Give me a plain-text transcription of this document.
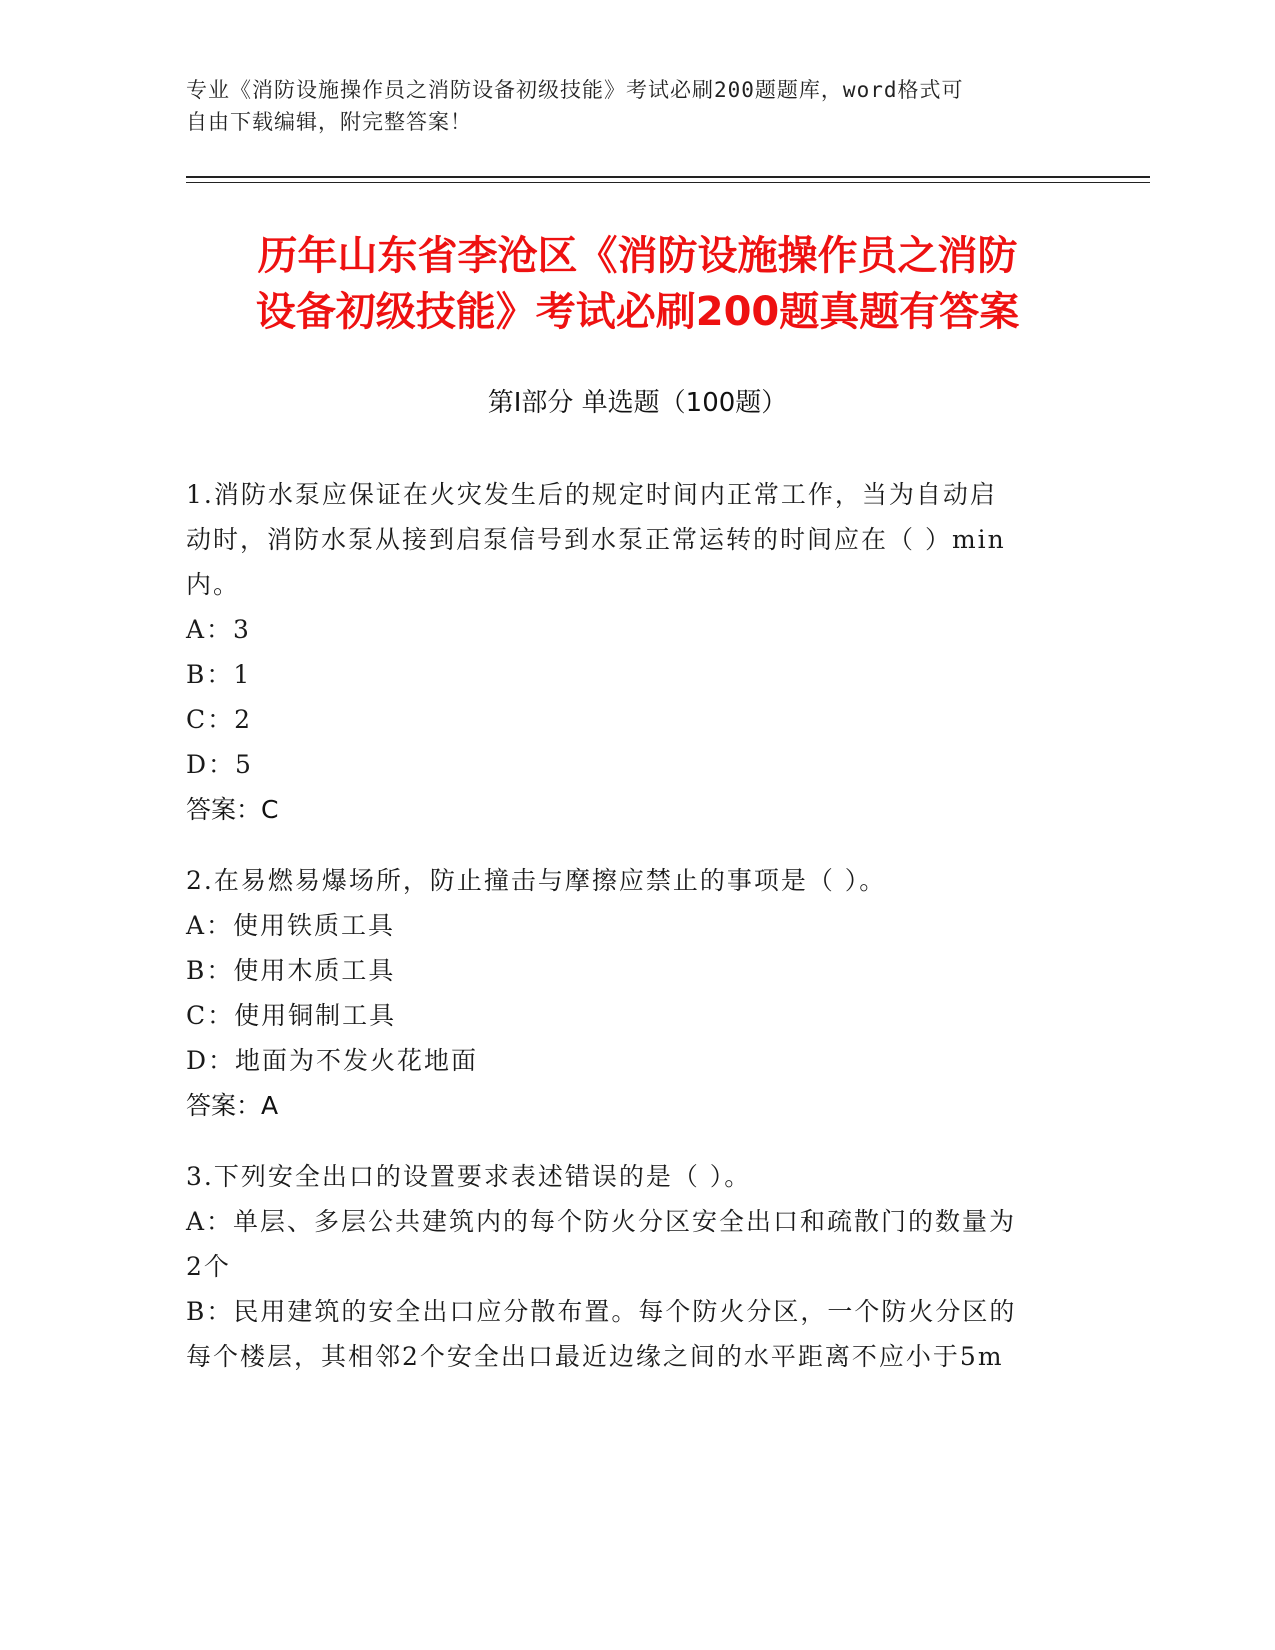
专业《消防设施操作员之消防设备初级技能》考试必刷200题题库，word格式可
自由下载编辑，附完整答案！
历年山东省李沧区《消防设施操作员之消防
设备初级技能》考试必刷200题真题有答案
第Ⅰ部分 单选题（100题）
1.消防水泵应保证在火灾发生后的规定时间内正常工作，当为自动启
动时，消防水泵从接到启泵信号到水泵正常运转的时间应在（ ）min
内。
A：3
B：1
C：2
D：5
答案：C
2.在易燃易爆场所，防止撞击与摩擦应禁止的事项是（ ）。
A：使用铁质工具
B：使用木质工具
C：使用铜制工具
D：地面为不发火花地面
答案：A
3.下列安全出口的设置要求表述错误的是（ ）。
A：单层、多层公共建筑内的每个防火分区安全出口和疏散门的数量为
2个
B：民用建筑的安全出口应分散布置。每个防火分区，一个防火分区的
每个楼层，其相邻2个安全出口最近边缘之间的水平距离不应小于5m
